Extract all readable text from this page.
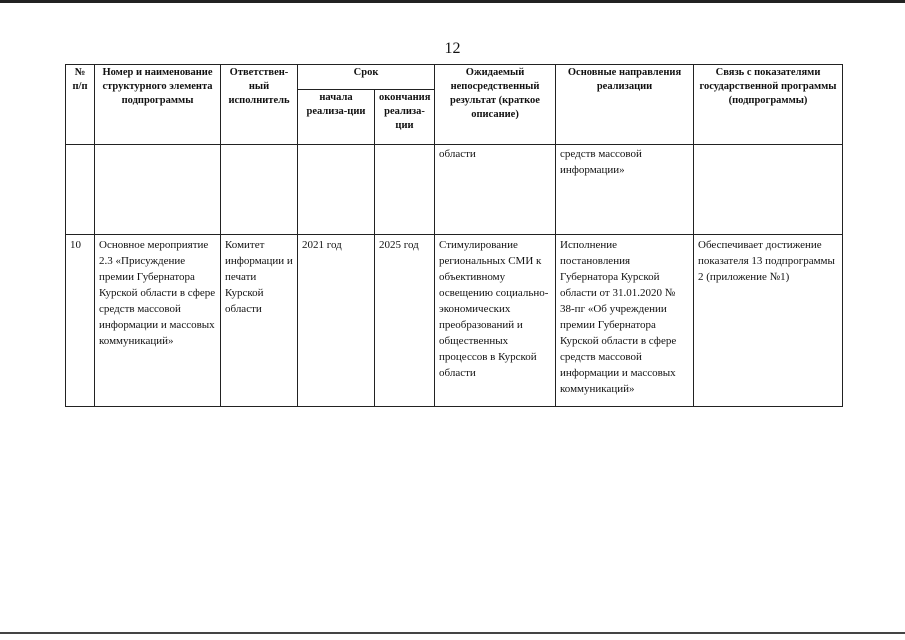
12
№ п/п	Номер и наименование структурного элемента подпрограммы	Ответствен-ный исполнитель	Срок		Ожидаемый непосредственный результат (краткое описание)	Основные направления реализации	Связь с показателями государственной программы (подпрограммы)
			начала реализа-ции	окончания реализа-ции			
					области	средств массовой информации»	
10	Основное мероприятие 2.3 «Присуждение премии Губернатора Курской области в сфере средств массовой информации и массовых коммуникаций»	Комитет информации и печати Курской области	2021 год	2025 год	Стимулирование региональных СМИ к объективному освещению социально-экономических преобразований и общественных процессов в Курской области	Исполнение постановления Губернатора Курской области от 31.01.2020 № 38-пг «Об учреждении премии Губернатора Курской области в сфере средств массовой информации и массовых коммуникаций»	Обеспечивает достижение показателя 13 подпрограммы 2 (приложение №1)
